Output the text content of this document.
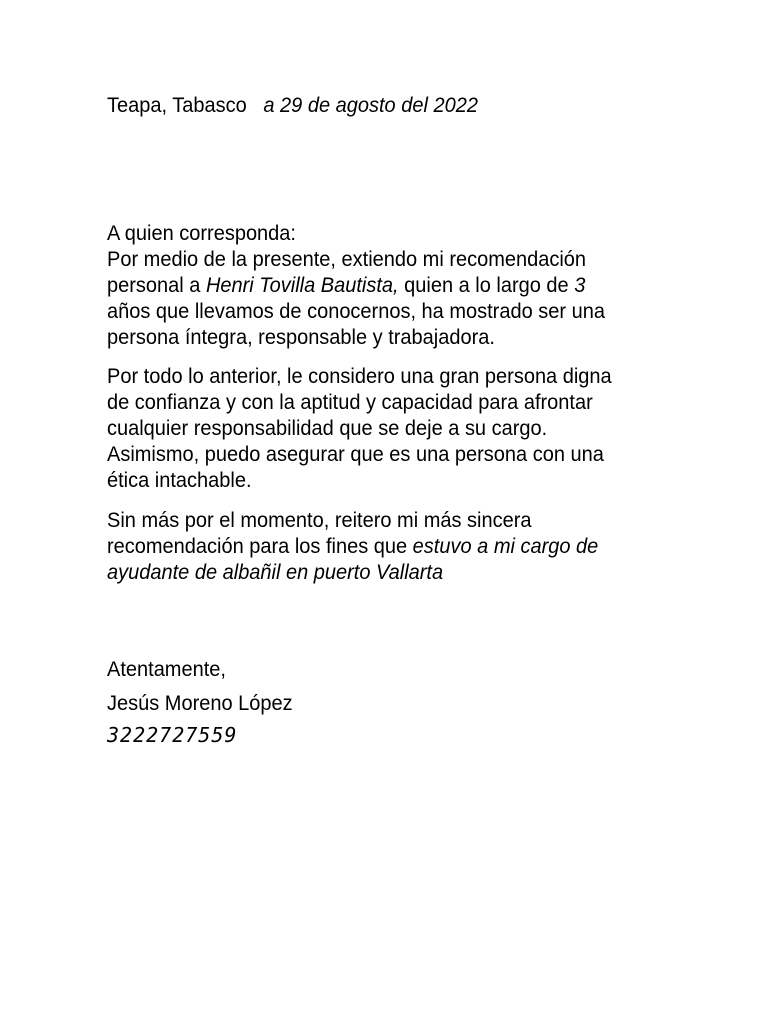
Teapa, Tabasco a 29 de agosto del 2022
A quien corresponda:
Por medio de la presente, extiendo mi recomendación
personal a Henri Tovilla Bautista, quien a lo largo de 3
años que llevamos de conocernos, ha mostrado ser una
persona íntegra, responsable y trabajadora.
Por todo lo anterior, le considero una gran persona digna
de confianza y con la aptitud y capacidad para afrontar
cualquier responsabilidad que se deje a su cargo.
Asimismo, puedo asegurar que es una persona con una
ética intachable.
Sin más por el momento, reitero mi más sincera
recomendación para los fines que estuvo a mi cargo de
ayudante de albañil en puerto Vallarta
Atentamente,
Jesús Moreno López
3222727559
